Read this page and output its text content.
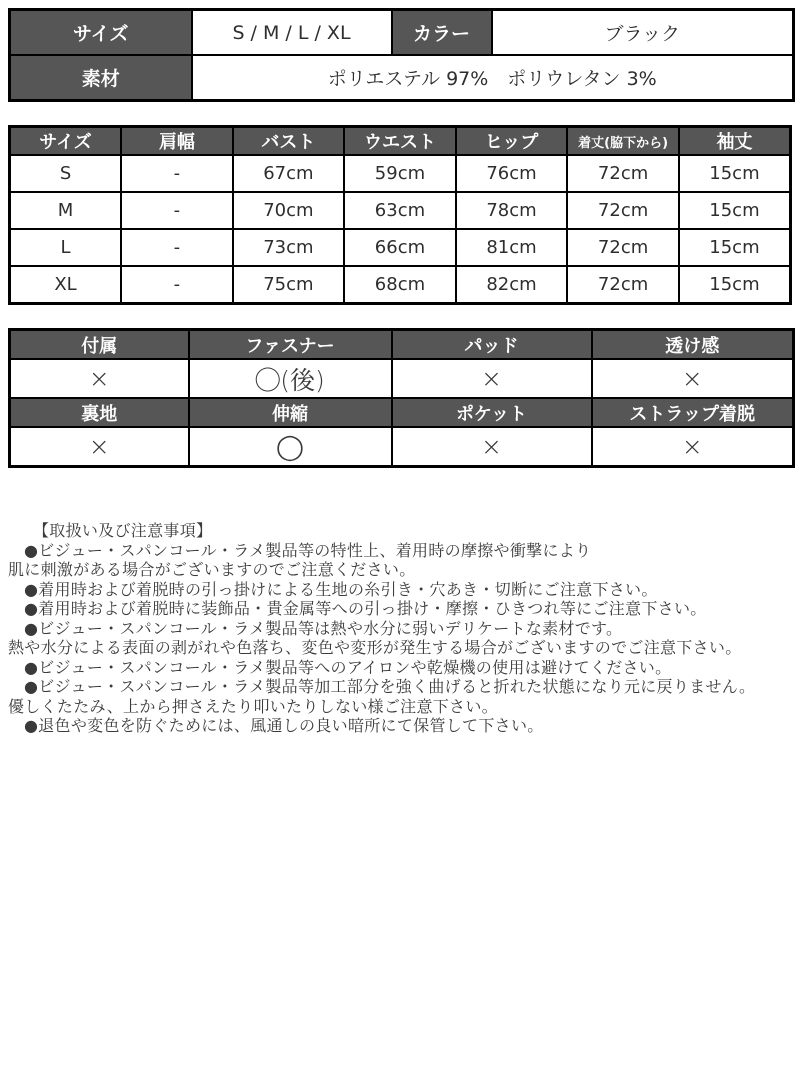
サイズ	S / M / L / XL	カラー	ブラック
素材	ポリエステル 97%　ポリウレタン 3%		
サイズ	肩幅	バスト	ウエスト	ヒップ	着丈(脇下から)	袖丈
S	-	67cm	59cm	76cm	72cm	15cm
M	-	70cm	63cm	78cm	72cm	15cm
L	-	73cm	66cm	81cm	72cm	15cm
XL	-	75cm	68cm	82cm	72cm	15cm
付属	ファスナー	パッド	透け感
×	◯(後)	×	×
裏地	伸縮	ポケット	ストラップ着脱
×	◯	×	×
【取扱い及び注意事項】
●ビジュー・スパンコール・ラメ製品等の特性上、着用時の摩擦や衝撃により
肌に刺激がある場合がございますのでご注意ください。
●着用時および着脱時の引っ掛けによる生地の糸引き・穴あき・切断にご注意下さい。
●着用時および着脱時に装飾品・貴金属等への引っ掛け・摩擦・ひきつれ等にご注意下さい。
●ビジュー・スパンコール・ラメ製品等は熱や水分に弱いデリケートな素材です。
熱や水分による表面の剥がれや色落ち、変色や変形が発生する場合がございますのでご注意下さい。
●ビジュー・スパンコール・ラメ製品等へのアイロンや乾燥機の使用は避けてください。
●ビジュー・スパンコール・ラメ製品等加工部分を強く曲げると折れた状態になり元に戻りません。
優しくたたみ、上から押さえたり叩いたりしない様ご注意下さい。
●退色や変色を防ぐためには、風通しの良い暗所にて保管して下さい。
